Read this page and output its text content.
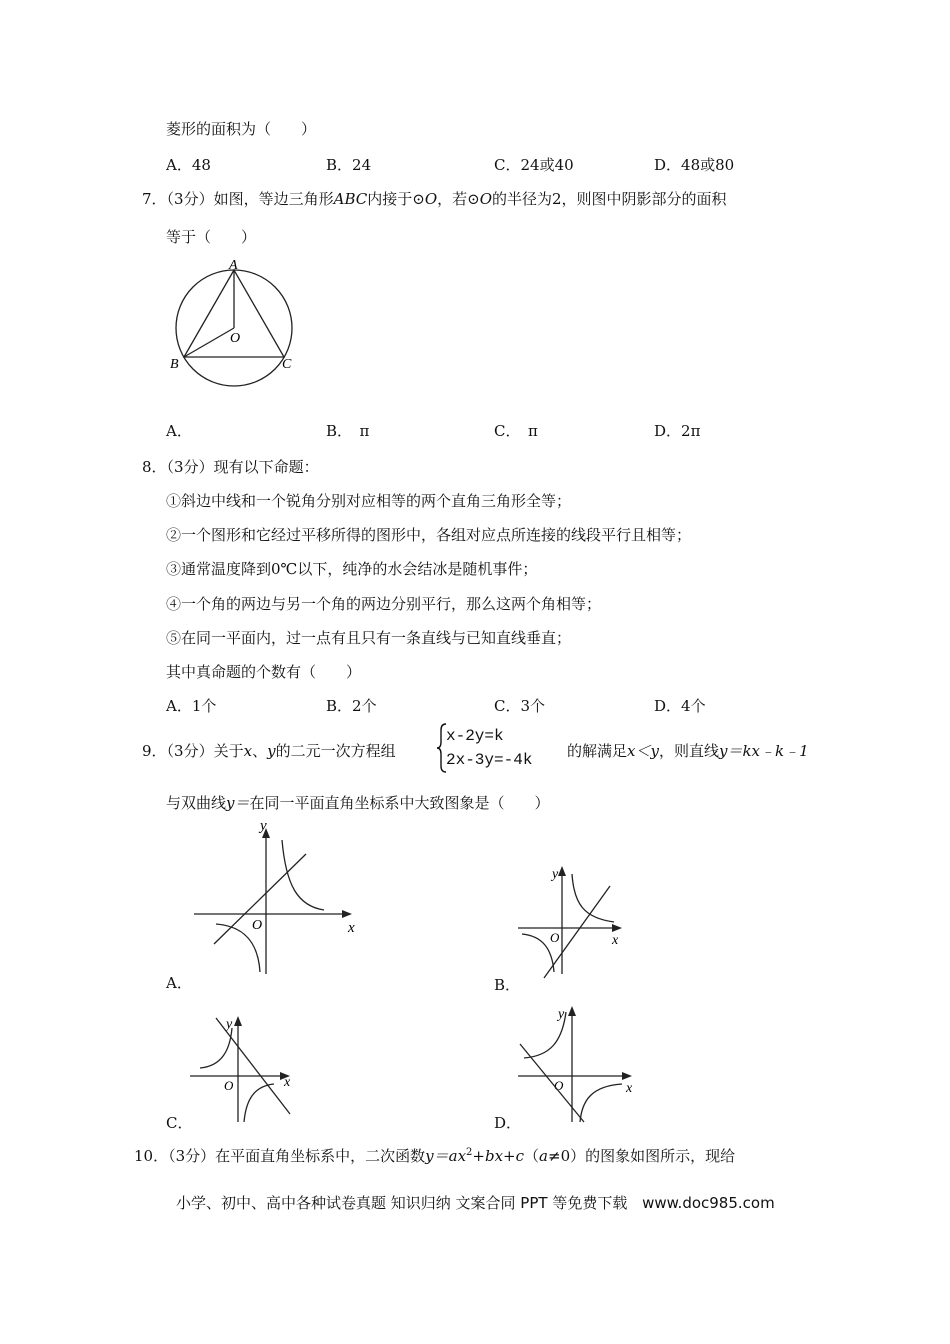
菱形的面积为（　　）
A．48	B．24	C．24或40	D．48或80
7．（3分）如图，等边三角形ABC内接于⊙O，若⊙O的半径为2，则图中阴影部分的面积
等于（　　）
A
B	C
O
A．	B．　π	C．　π	D．2π
8．（3分）现有以下命题：
①斜边中线和一个锐角分别对应相等的两个直角三角形全等；
②一个图形和它经过平移所得的图形中，各组对应点所连接的线段平行且相等；
③通常温度降到0℃以下，纯净的水会结冰是随机事件；
④一个角的两边与另一个角的两边分别平行，那么这两个角相等；
⑤在同一平面内，过一点有且只有一条直线与已知直线垂直；
其中真命题的个数有（　　）
A．1个	B．2个	C．3个	D．4个
9．（3分）关于x、y的二元一次方程组
x-2y=k
2x-3y=-4k 的解满足x＜y，则直线y＝kx﹣k﹣1
与双曲线y＝在同一平面直角坐标系中大致图象是（　　）
y
x
O
A．
y
x
O
B．
y
x
O
C．
y
x
O
D．
10．（3分）在平面直角坐标系中，二次函数$y=ax^2+bx+c(a\ne 0)$的图象如图所示，现给
小学、初中、高中各种试卷真题 知识归纳 文案合同 PPT 等免费下载 www.doc985.com
